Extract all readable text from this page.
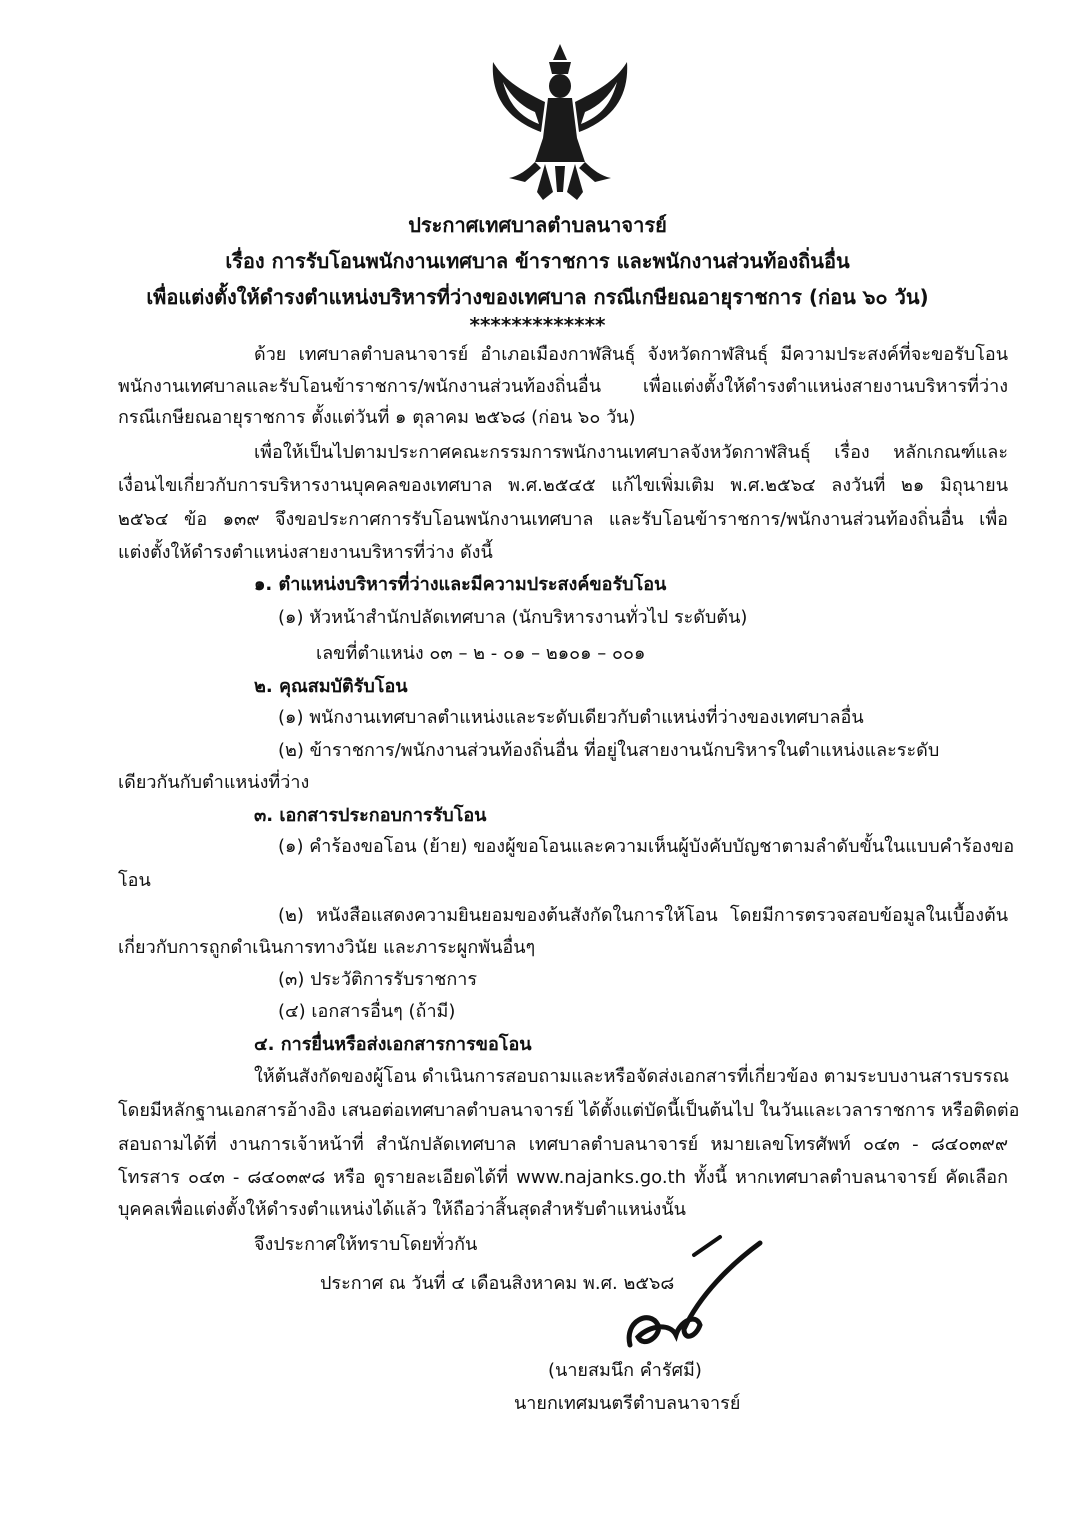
ประกาศเทศบาลตำบลนาจารย์
เรื่อง การรับโอนพนักงานเทศบาล ข้าราชการ และพนักงานส่วนท้องถิ่นอื่น
เพื่อแต่งตั้งให้ดำรงตำแหน่งบริหารที่ว่างของเทศบาล กรณีเกษียณอายุราชการ (ก่อน ๖๐ วัน)
*************
ด้วย เทศบาลตำบลนาจารย์ อำเภอเมืองกาฬสินธุ์ จังหวัดกาฬสินธุ์ มีความประสงค์ที่จะขอรับโอน
พนักงานเทศบาลและรับโอนข้าราชการ/พนักงานส่วนท้องถิ่นอื่น เพื่อแต่งตั้งให้ดำรงตำแหน่งสายงานบริหารที่ว่าง
กรณีเกษียณอายุราชการ ตั้งแต่วันที่ ๑ ตุลาคม ๒๕๖๘ (ก่อน ๖๐ วัน)
เพื่อให้เป็นไปตามประกาศคณะกรรมการพนักงานเทศบาลจังหวัดกาฬสินธุ์ เรื่อง หลักเกณฑ์และ
เงื่อนไขเกี่ยวกับการบริหารงานบุคคลของเทศบาล พ.ศ.๒๕๔๕ แก้ไขเพิ่มเติม พ.ศ.๒๕๖๔ ลงวันที่ ๒๑ มิถุนายน
๒๕๖๔ ข้อ ๑๓๙ จึงขอประกาศการรับโอนพนักงานเทศบาล และรับโอนข้าราชการ/พนักงานส่วนท้องถิ่นอื่น เพื่อ
แต่งตั้งให้ดำรงตำแหน่งสายงานบริหารที่ว่าง ดังนี้
๑. ตำแหน่งบริหารที่ว่างและมีความประสงค์ขอรับโอน
(๑) หัวหน้าสำนักปลัดเทศบาล (นักบริหารงานทั่วไป ระดับต้น)
เลขที่ตำแหน่ง ๐๓ – ๒ - ๐๑ – ๒๑๐๑ – ๐๐๑
๒. คุณสมบัติรับโอน
(๑) พนักงานเทศบาลตำแหน่งและระดับเดียวกับตำแหน่งที่ว่างของเทศบาลอื่น
(๒) ข้าราชการ/พนักงานส่วนท้องถิ่นอื่น ที่อยู่ในสายงานนักบริหารในตำแหน่งและระดับ
เดียวกันกับตำแหน่งที่ว่าง
๓. เอกสารประกอบการรับโอน
(๑) คำร้องขอโอน (ย้าย) ของผู้ขอโอนและความเห็นผู้บังคับบัญชาตามลำดับขั้นในแบบคำร้องขอ
โอน
(๒) หนังสือแสดงความยินยอมของต้นสังกัดในการให้โอน โดยมีการตรวจสอบข้อมูลในเบื้องต้น
เกี่ยวกับการถูกดำเนินการทางวินัย และภาระผูกพันอื่นๆ
(๓) ประวัติการรับราชการ
(๔) เอกสารอื่นๆ (ถ้ามี)
๔. การยื่นหรือส่งเอกสารการขอโอน
ให้ต้นสังกัดของผู้โอน ดำเนินการสอบถามและหรือจัดส่งเอกสารที่เกี่ยวข้อง ตามระบบงานสารบรรณ
โดยมีหลักฐานเอกสารอ้างอิง เสนอต่อเทศบาลตำบลนาจารย์ ได้ตั้งแต่บัดนี้เป็นต้นไป ในวันและเวลาราชการ หรือติดต่อ
สอบถามได้ที่ งานการเจ้าหน้าที่ สำนักปลัดเทศบาล เทศบาลตำบลนาจารย์ หมายเลขโทรศัพท์ ๐๔๓ - ๘๔๐๓๙๙
โทรสาร ๐๔๓ - ๘๔๐๓๙๘ หรือ ดูรายละเอียดได้ที่ www.najanks.go.th ทั้งนี้ หากเทศบาลตำบลนาจารย์ คัดเลือก
บุคคลเพื่อแต่งตั้งให้ดำรงตำแหน่งได้แล้ว ให้ถือว่าสิ้นสุดสำหรับตำแหน่งนั้น
จึงประกาศให้ทราบโดยทั่วกัน
ประกาศ ณ วันที่ ๔ เดือนสิงหาคม พ.ศ. ๒๕๖๘
(นายสมนึก คำรัศมี)
นายกเทศมนตรีตำบลนาจารย์
